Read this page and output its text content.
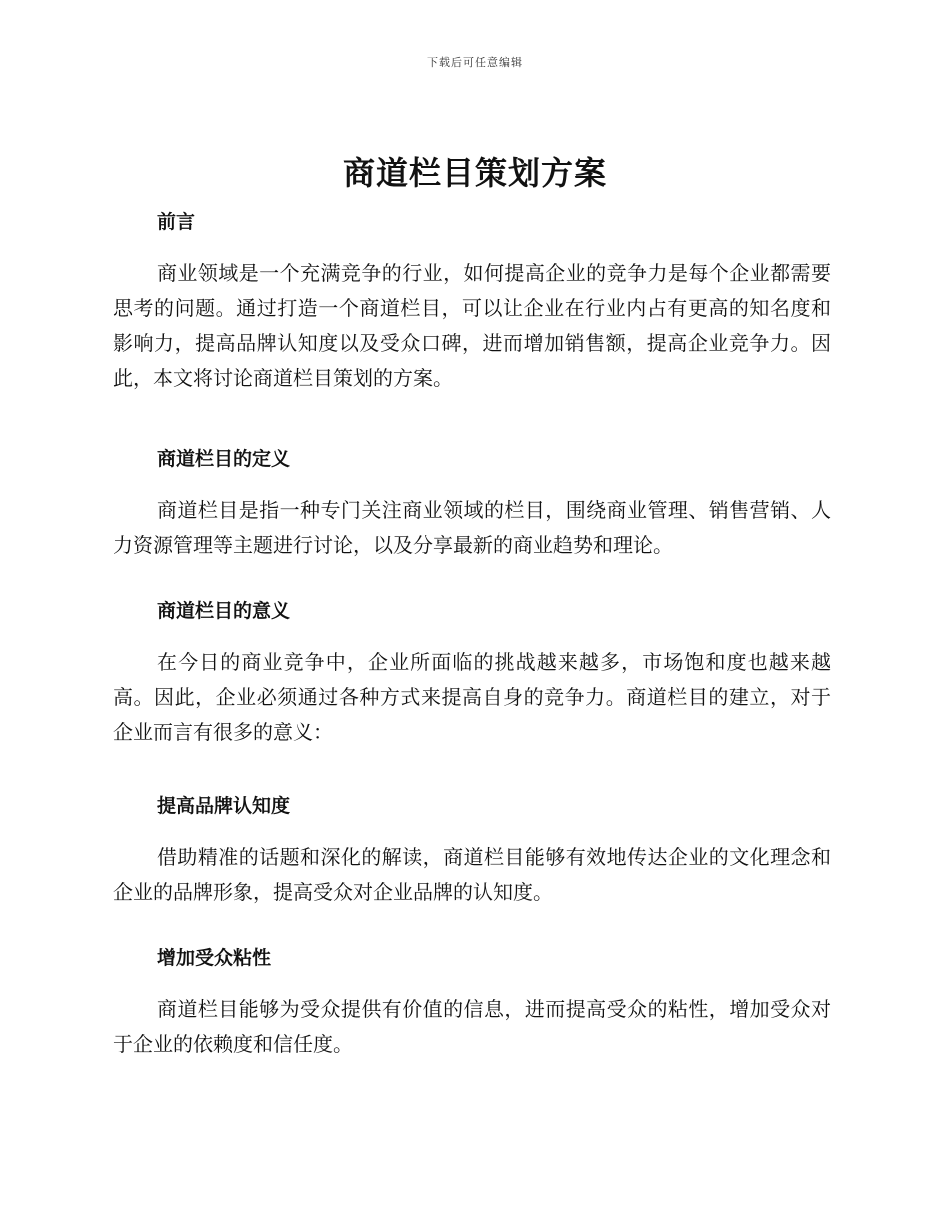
下载后可任意编辑
商道栏目策划方案
前言

商业领域是一个充满竞争的行业，如何提高企业的竞争力是每个企业都需要思考的问题。通过打造一个商道栏目，可以让企业在行业内占有更高的知名度和影响力，提高品牌认知度以及受众口碑，进而增加销售额，提高企业竞争力。因此，本文将讨论商道栏目策划的方案。

商道栏目的定义

商道栏目是指一种专门关注商业领域的栏目，围绕商业管理、销售营销、人力资源管理等主题进行讨论，以及分享最新的商业趋势和理论。

商道栏目的意义

在今日的商业竞争中，企业所面临的挑战越来越多，市场饱和度也越来越高。因此，企业必须通过各种方式来提高自身的竞争力。商道栏目的建立，对于企业而言有很多的意义：

提高品牌认知度

借助精准的话题和深化的解读，商道栏目能够有效地传达企业的文化理念和企业的品牌形象，提高受众对企业品牌的认知度。

增加受众粘性

商道栏目能够为受众提供有价值的信息，进而提高受众的粘性，增加受众对于企业的依赖度和信任度。
